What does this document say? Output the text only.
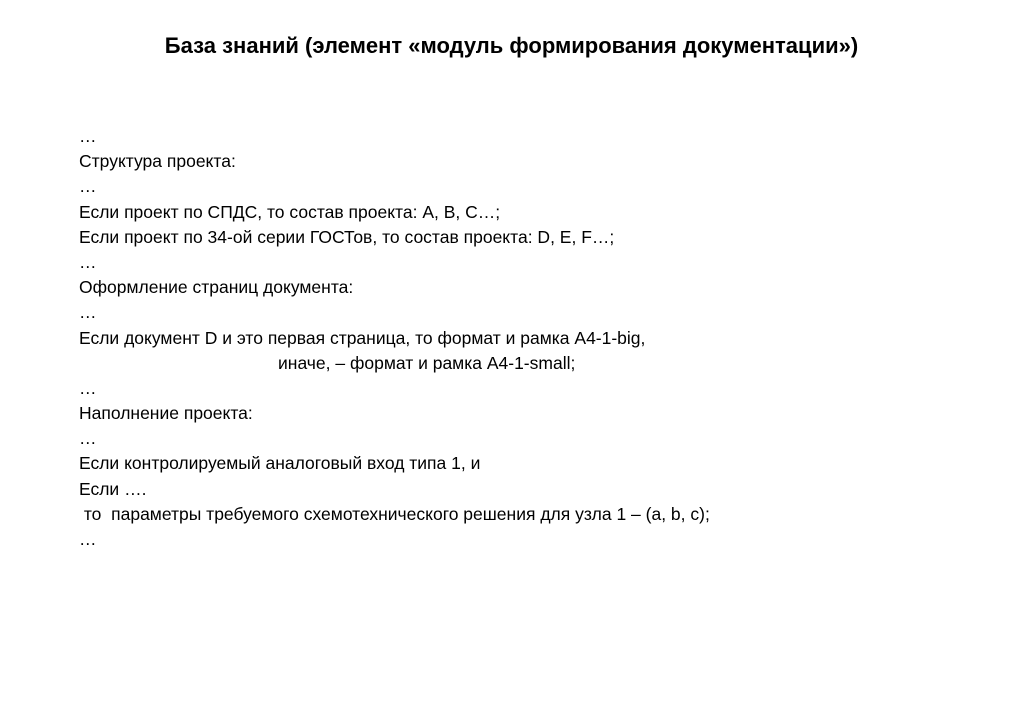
База знаний (элемент «модуль формирования документации»)
…
Структура проекта:
…
Если проект по СПДС, то состав проекта: A, B, C…;
Если проект по 34-ой серии ГОСТов, то состав проекта: D, E, F…;
…
Оформление страниц документа:
…
Если документ D и это первая страница, то формат и рамка A4-1-big,
иначе, – формат и рамка A4-1-small;
…
Наполнение проекта:
…
Если контролируемый аналоговый вход типа 1, и
Если ….
то  параметры требуемого схемотехнического решения для узла 1 – (a, b, c);
…
